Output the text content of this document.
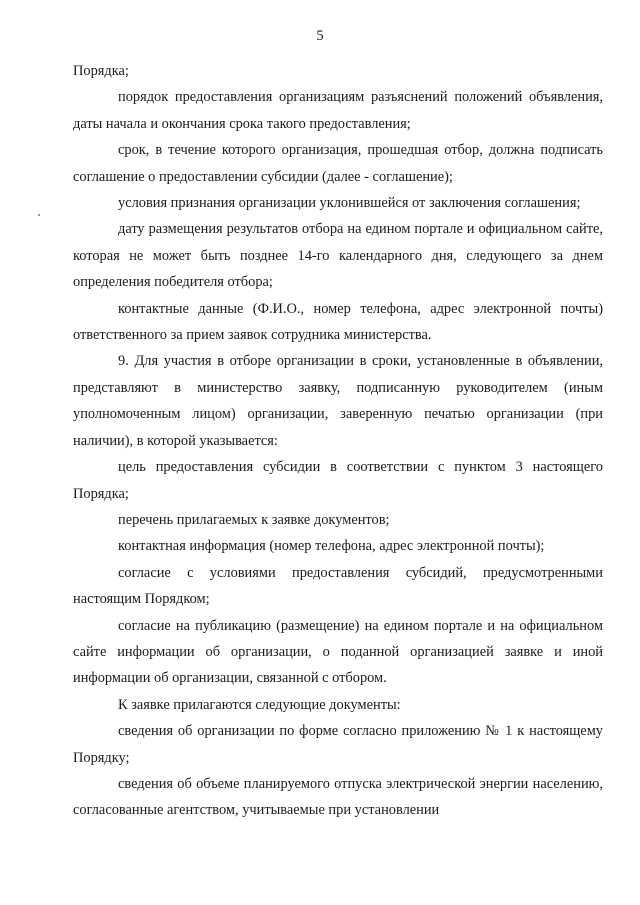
5

Порядка;

порядок предоставления организациям разъяснений положений объявления, даты начала и окончания срока такого предоставления;

срок, в течение которого организация, прошедшая отбор, должна подписать соглашение о предоставлении субсидии (далее - соглашение);

условия признания организации уклонившейся от заключения соглашения;

дату размещения результатов отбора на едином портале и официальном сайте, которая не может быть позднее 14-го календарного дня, следующего за днем определения победителя отбора;

контактные данные (Ф.И.О., номер телефона, адрес электронной почты) ответственного за прием заявок сотрудника министерства.

9. Для участия в отборе организации в сроки, установленные в объявлении, представляют в министерство заявку, подписанную руководителем (иным уполномоченным лицом) организации, заверенную печатью организации (при наличии), в которой указывается:

цель предоставления субсидии в соответствии с пунктом 3 настоящего Порядка;

перечень прилагаемых к заявке документов;

контактная информация (номер телефона, адрес электронной почты);

согласие с условиями предоставления субсидий, предусмотренными настоящим Порядком;

согласие на публикацию (размещение) на едином портале и на официальном сайте информации об организации, о поданной организацией заявке и иной информации об организации, связанной с отбором.

К заявке прилагаются следующие документы:

сведения об организации по форме согласно приложению № 1 к настоящему Порядку;

сведения об объеме планируемого отпуска электрической энергии населению, согласованные агентством, учитываемые при установлении
